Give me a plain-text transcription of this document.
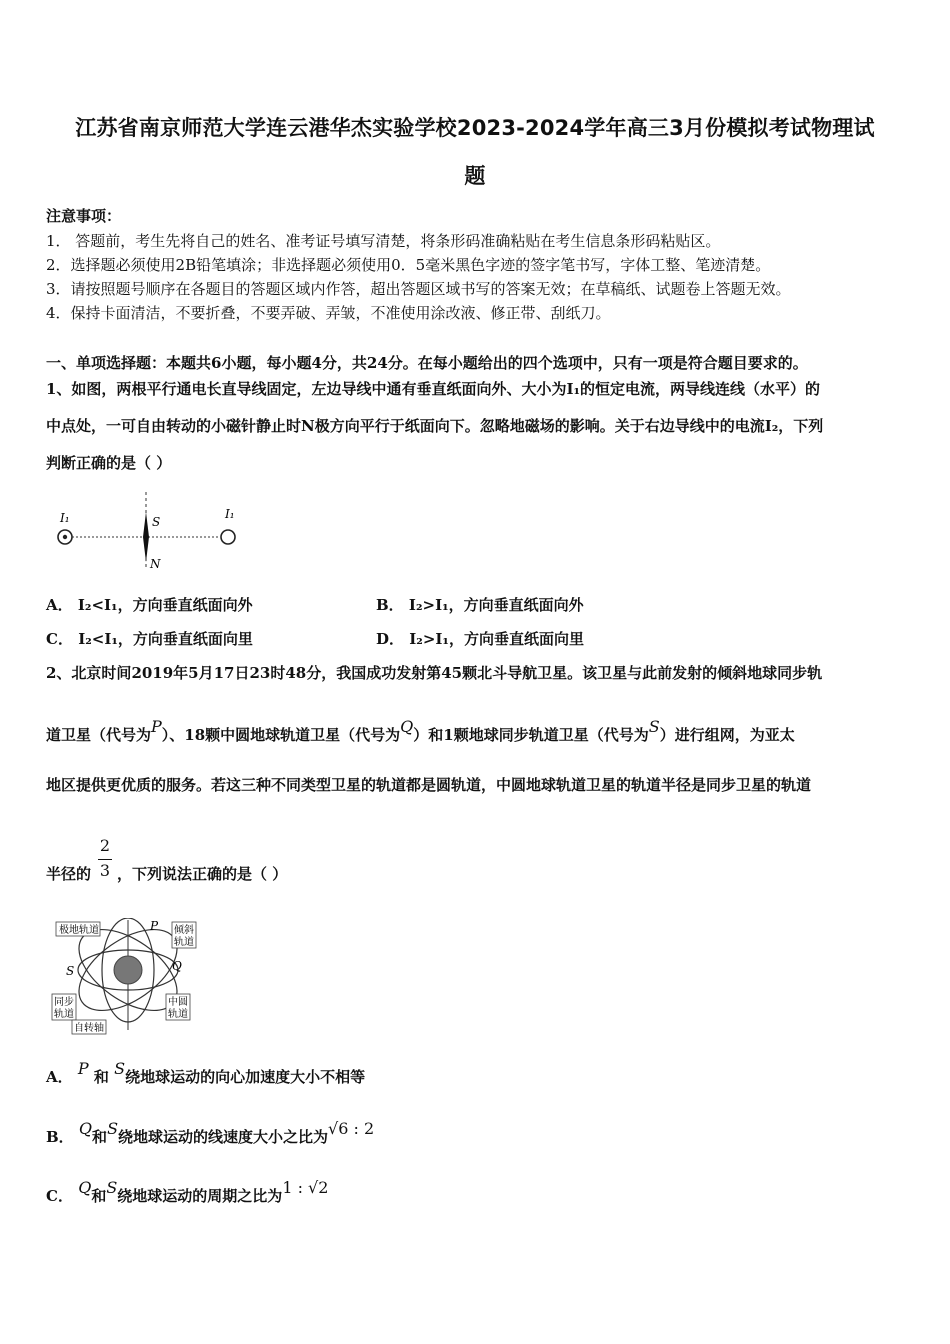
江苏省南京师范大学连云港华杰实验学校2023-2024学年高三3月份模拟考试物理试
题
注意事项：
1． 答题前，考生先将自己的姓名、准考证号填写清楚，将条形码准确粘贴在考生信息条形码粘贴区。
2．选择题必须使用2B铅笔填涂；非选择题必须使用0．5毫米黑色字迹的签字笔书写，字体工整、笔迹清楚。
3．请按照题号顺序在各题目的答题区域内作答，超出答题区域书写的答案无效；在草稿纸、试题卷上答题无效。
4．保持卡面清洁，不要折叠，不要弄破、弄皱，不准使用涂改液、修正带、刮纸刀。
一、单项选择题：本题共6小题，每小题4分，共24分。在每小题给出的四个选项中，只有一项是符合题目要求的。
1、如图，两根平行通电长直导线固定，左边导线中通有垂直纸面向外、大小为I₁的恒定电流，两导线连线（水平）的
中点处，一可自由转动的小磁针静止时N极方向平行于纸面向下。忽略地磁场的影响。关于右边导线中的电流I₂，下列
判断正确的是（ ）
I₁	S
N
I₁
A． I₂<I₁，方向垂直纸面向外	B． I₂>I₁，方向垂直纸面向外
C． I₂<I₁，方向垂直纸面向里	D． I₂>I₁，方向垂直纸面向里
2、北京时间2019年5月17日23时48分，我国成功发射第45颗北斗导航卫星。该卫星与此前发射的倾斜地球同步轨
道卫星（代号为P）、18颗中圆地球轨道卫星（代号为Q）和1颗地球同步轨道卫星（代号为S）进行组网，为亚太
地区提供更优质的服务。若这三种不同类型卫星的轨道都是圆轨道，中圆地球轨道卫星的轨道半径是同步卫星的轨道
半径的 ，下列说法正确的是（ ）
2
3
极地轨道	P 倾斜
轨道
S	Q
同步
轨道
中圆
轨道
自转轴
A． P 和 S绕地球运动的向心加速度大小不相等
B． Q和S绕地球运动的线速度大小之比为√6 : 2
C． Q和S绕地球运动的周期之比为1 : √2
